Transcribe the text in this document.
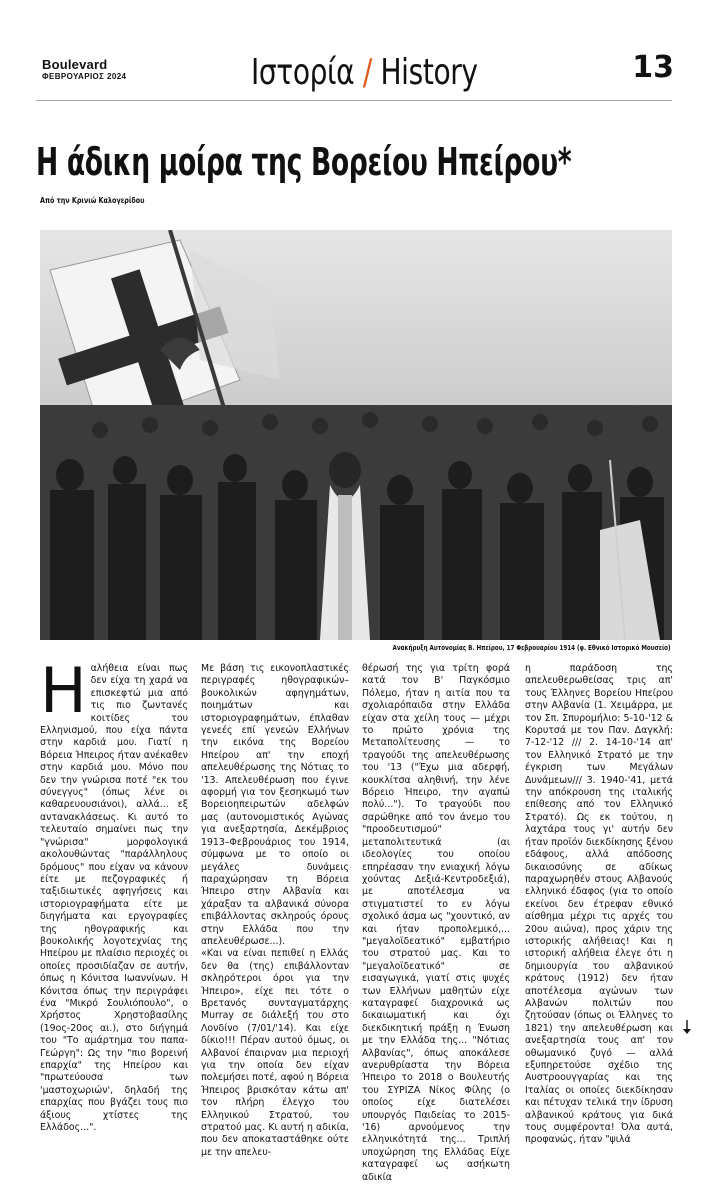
Boulevard
ΦΕΒΡΟΥΑΡΙΟΣ 2024	Ιστορία / History	13
Η άδικη μοίρα της Βορείου Ηπείρου*
Από την Κρινιώ Καλογερίδου
Ανακήρυξη Αυτονομίας Β. Ηπείρου, 17 Φεβρουαρίου 1914 (φ. Εθνικό Ιστορικό Μουσείο)
Η αλήθεια είναι πως δεν είχα τη χαρά να επισκεφτώ μια από τις πιο ζωντανές κοιτίδες του Ελληνισμού, που είχα πάντα στην καρδιά μου. Γιατί η Βόρεια Ήπειρος ήταν ανέκαθεν στην καρδιά μου. Μόνο που δεν την γνώρισα ποτέ "εκ του σύνεγγυς" (όπως λένε οι καθαρευουσιάνοι), αλλά... εξ αντανακλάσεως. Κι αυτό το τελευταίο σημαίνει πως την "γνώρισα" μορφολογικά ακολουθώντας "παράλληλους δρόμους" που είχαν να κάνουν είτε με πεζογραφικές ή ταξιδιωτικές αφηγήσεις και ιστοριογραφήματα είτε με διηγήματα και εργογραφίες της ηθογραφικής και βουκολικής λογοτεχνίας της Ηπείρου με πλαίσιο περιοχές οι οποίες προσιδίαζαν σε αυτήν, όπως η Κόνιτσα Ιωαννίνων. Η Κόνιτσα όπως την περιγράφει ένα "Μικρό Σουλιόπουλο", ο Χρήστος Χρηστοβασίλης (19ος-20ος αι.), στο διήγημά του "Το αμάρτημα του παπα-Γεώργη": Ως την "πιο βορεινή επαρχία" της Ηπείρου και "πρωτεύουσα των 'μαστοχωριών', δηλαδή της επαρχίας που βγάζει τους πιο άξιους χτίστες της Ελλάδος...".

Με βάση τις εικονοπλαστικές περιγραφές ηθογραφικών– βουκολικών αφηγημάτων, ποιημάτων και ιστοριογραφημάτων, έπλαθαν γενεές επί γενεών Ελλήνων την εικόνα της Βορείου Ηπείρου απ' την εποχή απελευθέρωσης της Νότιας το '13. Απελευθέρωση που έγινε αφορμή για τον ξεσηκωμό των Βορειοηπειρωτών αδελφών μας (αυτονομιστικός Αγώνας για ανεξαρτησία, Δεκέμβριος 1913–Φεβρουάριος του 1914, σύμφωνα με το οποίο οι μεγάλες δυνάμεις παραχώρησαν τη Βόρεια Ήπειρο στην Αλβανία και χάραξαν τα αλβανικά σύνορα επιβάλλοντας σκληρούς όρους στην Ελλάδα που την απελευθέρωσε...).

«Και να είναι πεπιθεί η Ελλάς δεν θα (της) επιβάλλονταν σκληρότεροι όροι για την Ήπειρο», είχε πει τότε ο Βρετανός συνταγματάρχης Murray σε διάλεξή του στο Λονδίνο (7/01/'14). Και είχε δίκιο!!! Πέραν αυτού όμως, οι Αλβανοί έπαιρναν μια περιοχή για την οποία δεν είχαν πολεμήσει ποτέ, αφού η Βόρεια Ήπειρος βρισκόταν κάτω απ' τον πλήρη έλεγχο του Ελληνικού Στρατού, του στρατού μας. Κι αυτή η αδικία, που δεν αποκαταστάθηκε ούτε με την απελευ-

θέρωσή της για τρίτη φορά κατά τον Β' Παγκόσμιο Πόλεμο, ήταν η αιτία που τα σχολιαρόπαιδα στην Ελλάδα είχαν στα χείλη τους — μέχρι το πρώτο χρόνια της Μεταπολίτευσης — το τραγούδι της απελευθέρωσης του '13 ("Έχω μια αδερφή, κουκλίτσα αληθινή, την λένε Βόρειο Ήπειρο, την αγαπώ πολύ..."). Το τραγούδι που σαρώθηκε από τον άνεμο του "προοδευτισμού" μεταπολιτευτικά (αι ιδεολογίες του οποίου επηρέασαν την ενιαχική λόγω χούντας Δεξιά-Κεντροδεξιά), με αποτέλεσμα να στιγματιστεί το εν λόγω σχολικό άσμα ως "χουντικό, αν και ήταν προπολεμικό,... "μεγαλοϊδεατικό" εμβατήριο του στρατού μας. Και το "μεγαλοϊδεατικό" σε εισαγωγικά, γιατί στις ψυχές των Ελλήνων μαθητών είχε καταγραφεί διαχρονικά ως δικαιωματική και όχι διεκδικητική πράξη η Ένωση με την Ελλάδα της... "Νότιας Αλβανίας", όπως αποκάλεσε ανερυθρίαστα την Βόρεια Ήπειρο το 2018 ο Βουλευτής του ΣΥΡΙΖΑ Νίκος Φίλης (ο οποίος είχε διατελέσει υπουργός Παιδείας το 2015-'16) αρνούμενος την ελληνικότητά της... Τριπλή υποχώρηση της Ελλάδας Είχε καταγραφεί ως ασήκωτη αδικία

η παράδοση της απελευθερωθείσας τρις απ' τους Έλληνες Βορείου Ηπείρου στην Αλβανία (1. Χειμάρρα, με τον Σπ. Σπυρομήλιο: 5-10-'12 & Κορυτσά με τον Παν. Δαγκλή: 7-12-'12 /// 2. 14-10-'14 απ' τον Ελληνικό Στρατό με την έγκριση των Μεγάλων Δυνάμεων/// 3. 1940-'41, μετά την απόκρουση της ιταλικής επίθεσης από τον Ελληνικό Στρατό). Ως εκ τούτου, η λαχτάρα τους γι' αυτήν δεν ήταν προϊόν διεκδίκησης ξένου εδάφους, αλλά απόδοσης δικαιοσύνης σε αδίκως παραχωρηθέν στους Αλβανούς ελληνικό έδαφος (για το οποίο εκείνοι δεν έτρεφαν εθνικό αίσθημα μέχρι τις αρχές του 20ου αιώνα), προς χάριν της ιστορικής αλήθειας! Και η ιστορική αλήθεια έλεγε ότι η δημιουργία του αλβανικού κράτους (1912) δεν ήταν αποτέλεσμα αγώνων των Αλβανών πολιτών που ζητούσαν (όπως οι Έλληνες το 1821) την απελευθέρωση και ανεξαρτησία τους απ' τον οθωμανικό ζυγό — αλλά εξυπηρετούσε σχέδιο της Αυστροουγγαρίας και της Ιταλίας οι οποίες διεκδίκησαν και πέτυχαν τελικά την ίδρυση αλβανικού κράτους για δικά τους συμφέροντα! Όλα αυτά, προφανώς, ήταν "ψιλά
